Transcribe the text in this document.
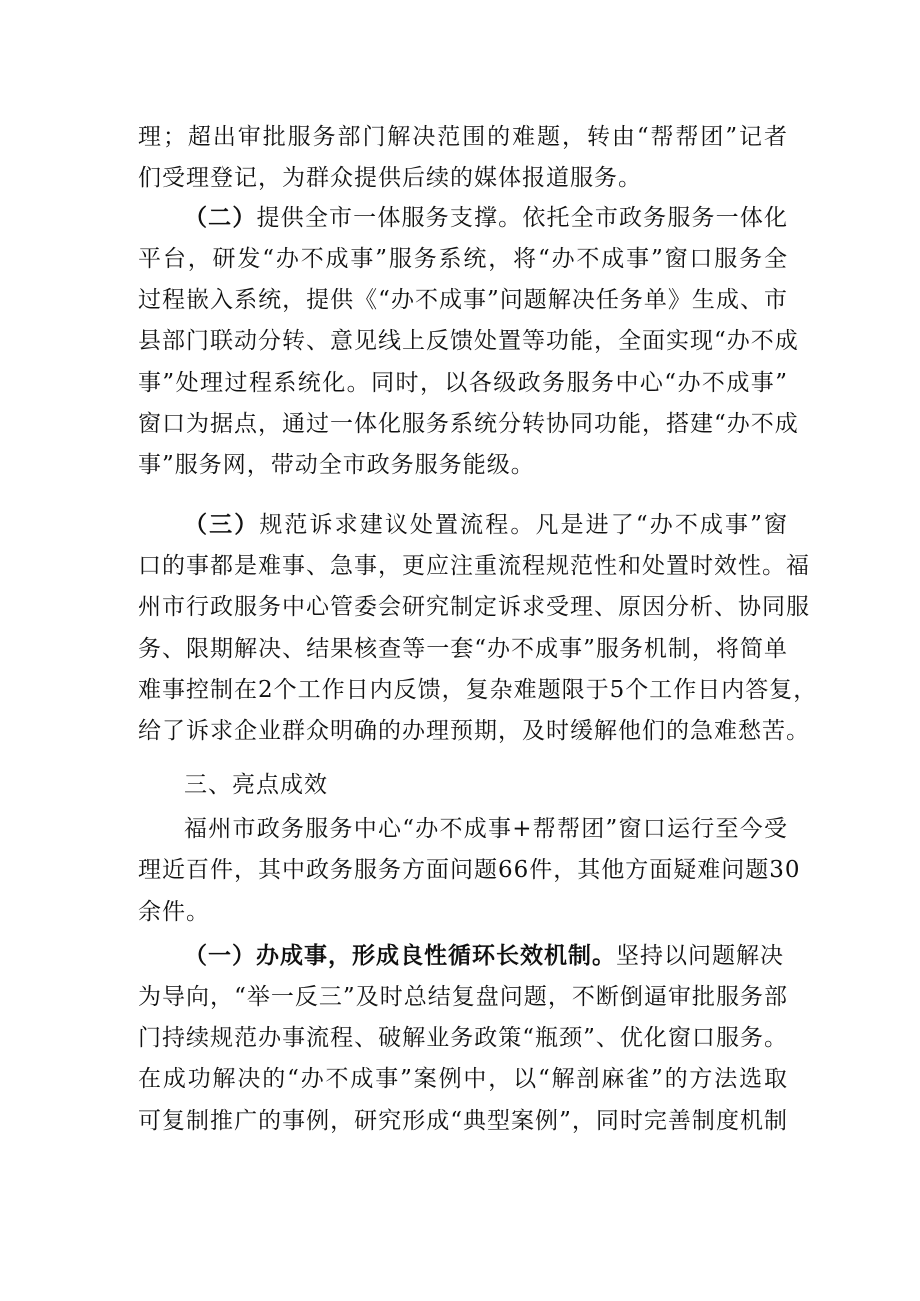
理；超出审批服务部门解决范围的难题，转由“帮帮团”记者
们受理登记，为群众提供后续的媒体报道服务。
（二）提供全市一体服务支撑。依托全市政务服务一体化
平台，研发“办不成事”服务系统，将“办不成事”窗口服务全
过程嵌入系统，提供《“办不成事”问题解决任务单》生成、市
县部门联动分转、意见线上反馈处置等功能，全面实现“办不成
事”处理过程系统化。同时，以各级政务服务中心“办不成事”
窗口为据点，通过一体化服务系统分转协同功能，搭建“办不成
事”服务网，带动全市政务服务能级。
（三）规范诉求建议处置流程。凡是进了“办不成事”窗
口的事都是难事、急事，更应注重流程规范性和处置时效性。福
州市行政服务中心管委会研究制定诉求受理、原因分析、协同服
务、限期解决、结果核查等一套“办不成事”服务机制，将简单
难事控制在2个工作日内反馈，复杂难题限于5个工作日内答复，
给了诉求企业群众明确的办理预期，及时缓解他们的急难愁苦。
三、亮点成效
福州市政务服务中心“办不成事+帮帮团”窗口运行至今受
理近百件，其中政务服务方面问题66件，其他方面疑难问题30
余件。
（一）办成事，形成良性循环长效机制。坚持以问题解决
为导向，“举一反三”及时总结复盘问题，不断倒逼审批服务部
门持续规范办事流程、破解业务政策“瓶颈”、优化窗口服务。
在成功解决的“办不成事”案例中，以“解剖麻雀”的方法选取
可复制推广的事例，研究形成“典型案例”，同时完善制度机制
